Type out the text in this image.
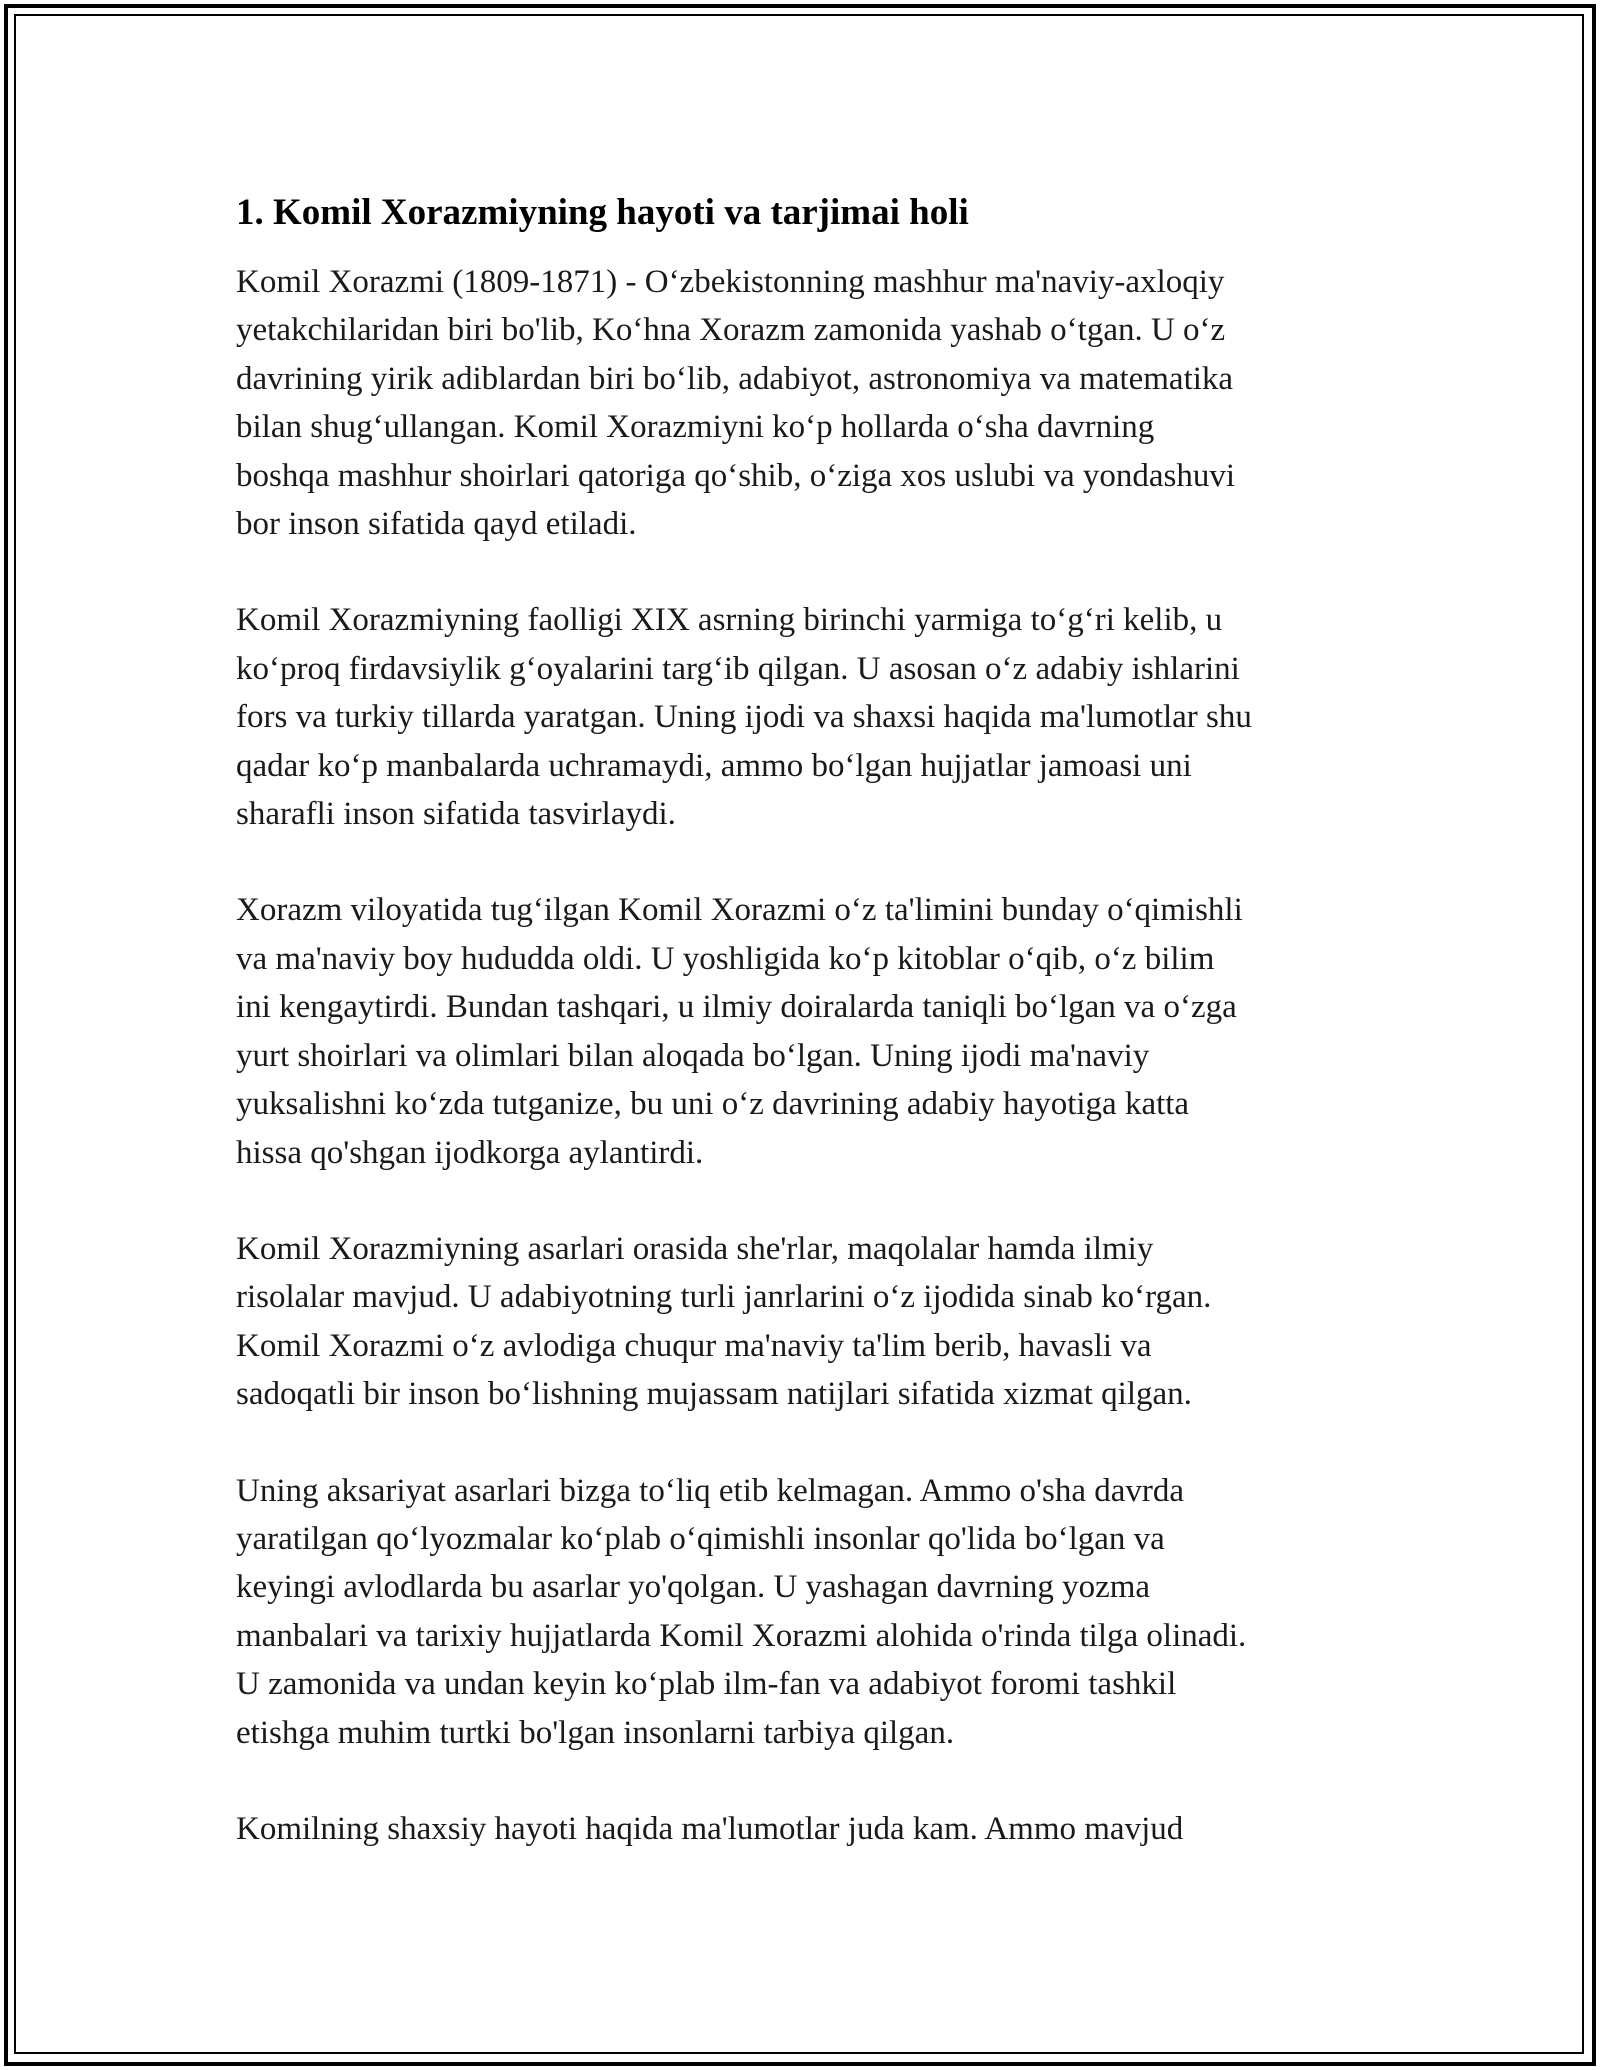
1. Komil Xorazmiyning hayoti va tarjimai holi

Komil Xorazmi (1809-1871) - O‘zbekistonning mashhur ma'naviy-axloqiy
yetakchilaridan biri bo'lib, Ko‘hna Xorazm zamonida yashab o‘tgan. U o‘z
davrining yirik adiblardan biri bo‘lib, adabiyot, astronomiya va matematika
bilan shug‘ullangan. Komil Xorazmiyni ko‘p hollarda o‘sha davrning
boshqa mashhur shoirlari qatoriga qo‘shib, o‘ziga xos uslubi va yondashuvi
bor inson sifatida qayd etiladi.

Komil Xorazmiyning faolligi XIX asrning birinchi yarmiga to‘g‘ri kelib, u
ko‘proq firdavsiylik g‘oyalarini targ‘ib qilgan. U asosan o‘z adabiy ishlarini
fors va turkiy tillarda yaratgan. Uning ijodi va shaxsi haqida ma'lumotlar shu
qadar ko‘p manbalarda uchramaydi, ammo bo‘lgan hujjatlar jamoasi uni
sharafli inson sifatida tasvirlaydi.

Xorazm viloyatida tug‘ilgan Komil Xorazmi o‘z ta'limini bunday o‘qimishli
va ma'naviy boy hududda oldi. U yoshligida ko‘p kitoblar o‘qib, o‘z bilim
ini kengaytirdi. Bundan tashqari, u ilmiy doiralarda taniqli bo‘lgan va o‘zga
yurt shoirlari va olimlari bilan aloqada bo‘lgan. Uning ijodi ma'naviy
yuksalishni ko‘zda tutganize, bu uni o‘z davrining adabiy hayotiga katta
hissa qo'shgan ijodkorga aylantirdi.

Komil Xorazmiyning asarlari orasida she'rlar, maqolalar hamda ilmiy
risolalar mavjud. U adabiyotning turli janrlarini o‘z ijodida sinab ko‘rgan.
Komil Xorazmi o‘z avlodiga chuqur ma'naviy ta'lim berib, havasli va
sadoqatli bir inson bo‘lishning mujassam natijlari sifatida xizmat qilgan.

Uning aksariyat asarlari bizga to‘liq etib kelmagan. Ammo o'sha davrda
yaratilgan qo‘lyozmalar ko‘plab o‘qimishli insonlar qo'lida bo‘lgan va
keyingi avlodlarda bu asarlar yo'qolgan. U yashagan davrning yozma
manbalari va tarixiy hujjatlarda Komil Xorazmi alohida o'rinda tilga olinadi.
U zamonida va undan keyin ko‘plab ilm-fan va adabiyot foromi tashkil
etishga muhim turtki bo'lgan insonlarni tarbiya qilgan.

Komilning shaxsiy hayoti haqida ma'lumotlar juda kam. Ammo mavjud
